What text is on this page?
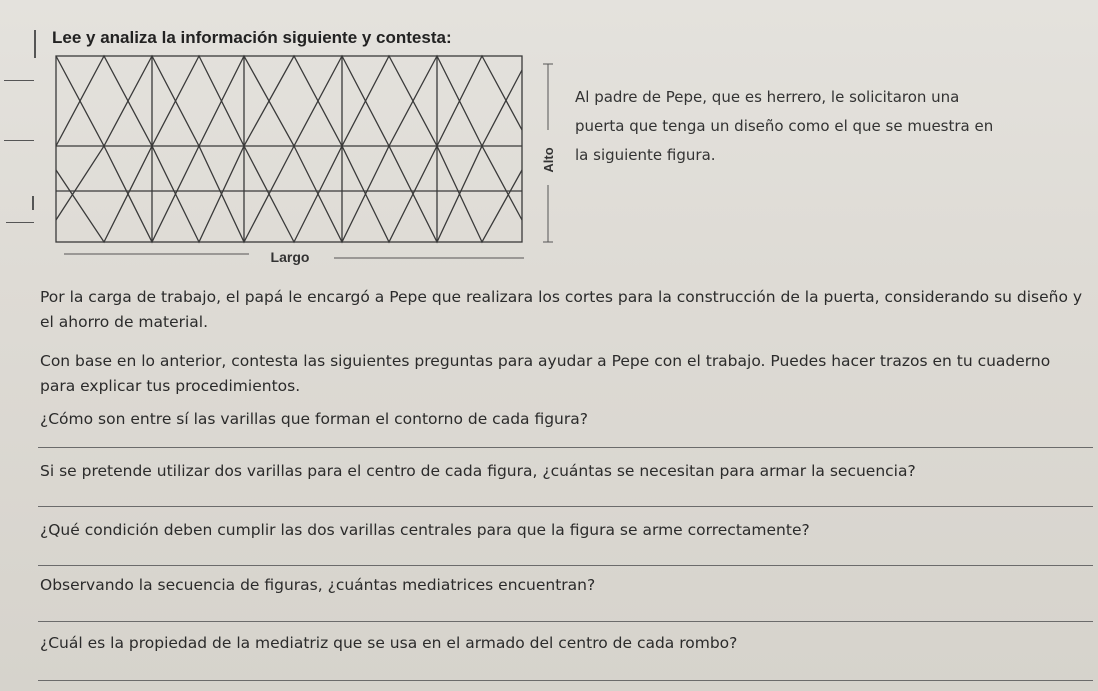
Lee y analiza la información siguiente y contesta:
Alto
Largo
Al padre de Pepe, que es herrero, le solicitaron una puerta que tenga un diseño como el que se muestra en la siguiente figura.
Por la carga de trabajo, el papá le encargó a Pepe que realizara los cortes para la construcción de la puerta, considerando su diseño y el ahorro de material.
Con base en lo anterior, contesta las siguientes preguntas para ayudar a Pepe con el trabajo. Puedes hacer trazos en tu cuaderno para explicar tus procedimientos.
¿Cómo son entre sí las varillas que forman el contorno de cada figura?
Si se pretende utilizar dos varillas para el centro de cada figura, ¿cuántas se necesitan para armar la secuencia?
¿Qué condición deben cumplir las dos varillas centrales para que la figura se arme correctamente?
Observando la secuencia de figuras, ¿cuántas mediatrices encuentran?
¿Cuál es la propiedad de la mediatriz que se usa en el armado del centro de cada rombo?
